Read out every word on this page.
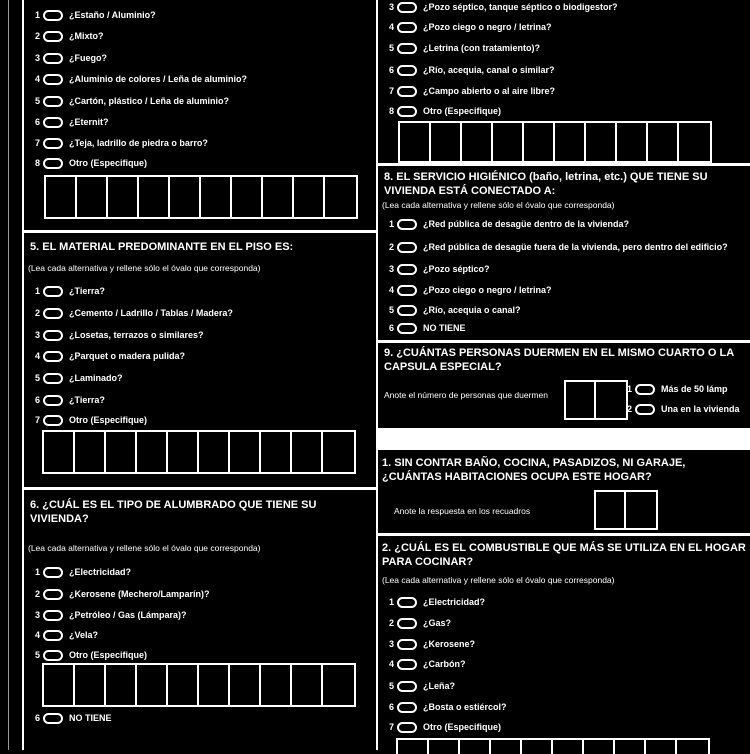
1	¿Estaño / Aluminio?
2	¿Mixto?
3	¿Fuego?
4	¿Aluminio de colores / Leña de aluminio?
5	¿Cartón, plástico / Leña de aluminio?
6	¿Eternit?
7	¿Teja, ladrillo de piedra o barro?
8	Otro (Especifique)
5. EL MATERIAL PREDOMINANTE EN EL PISO ES:
(Lea cada alternativa y rellene sólo el óvalo que corresponda)
1	¿Tierra?
2	¿Cemento / Ladrillo / Tablas / Madera?
3	¿Losetas, terrazos o similares?
4	¿Parquet o madera pulida?
5	¿Laminado?
6	¿Tierra?
7	Otro (Especifique)
6. ¿CUÁL ES EL TIPO DE ALUMBRADO QUE TIENE SU VIVIENDA?
(Lea cada alternativa y rellene sólo el óvalo que corresponda)
1	¿Electricidad?
2	¿Kerosene (Mechero/Lamparín)?
3	¿Petróleo / Gas (Lámpara)?
4	¿Vela?
5	Otro (Especifique)
6	NO TIENE
3	¿Pozo séptico, tanque séptico o biodigestor?
4	¿Pozo ciego o negro / letrina?
5	¿Letrina (con tratamiento)?
6	¿Río, acequia, canal o similar?
7	¿Campo abierto o al aire libre?
8	Otro (Especifique)
8. EL SERVICIO HIGIÉNICO (baño, letrina, etc.) QUE TIENE SU VIVIENDA ESTÁ CONECTADO A:
(Lea cada alternativa y rellene sólo el óvalo que corresponda)
1	¿Red pública de desagüe dentro de la vivienda?
2	¿Red pública de desagüe fuera de la vivienda, pero dentro del edificio?
3	¿Pozo séptico?
4	¿Pozo ciego o negro / letrina?
5	¿Río, acequia o canal?
6	NO TIENE
9. ¿CUÁNTAS PERSONAS DUERMEN EN EL MISMO CUARTO O LA CAPSULA ESPECIAL?
Anote el número de personas que duermen
1	Más de 50 lámp
2	Una en la vivienda
1. SIN CONTAR BAÑO, COCINA, PASADIZOS, NI GARAJE, ¿CUÁNTAS HABITACIONES OCUPA ESTE HOGAR?
Anote la respuesta en los recuadros
2. ¿CUÁL ES EL COMBUSTIBLE QUE MÁS SE UTILIZA EN EL HOGAR PARA COCINAR?
(Lea cada alternativa y rellene sólo el óvalo que corresponda)
1	¿Electricidad?
2	¿Gas?
3	¿Kerosene?
4	¿Carbón?
5	¿Leña?
6	¿Bosta o estiércol?
7	Otro (Especifique)
